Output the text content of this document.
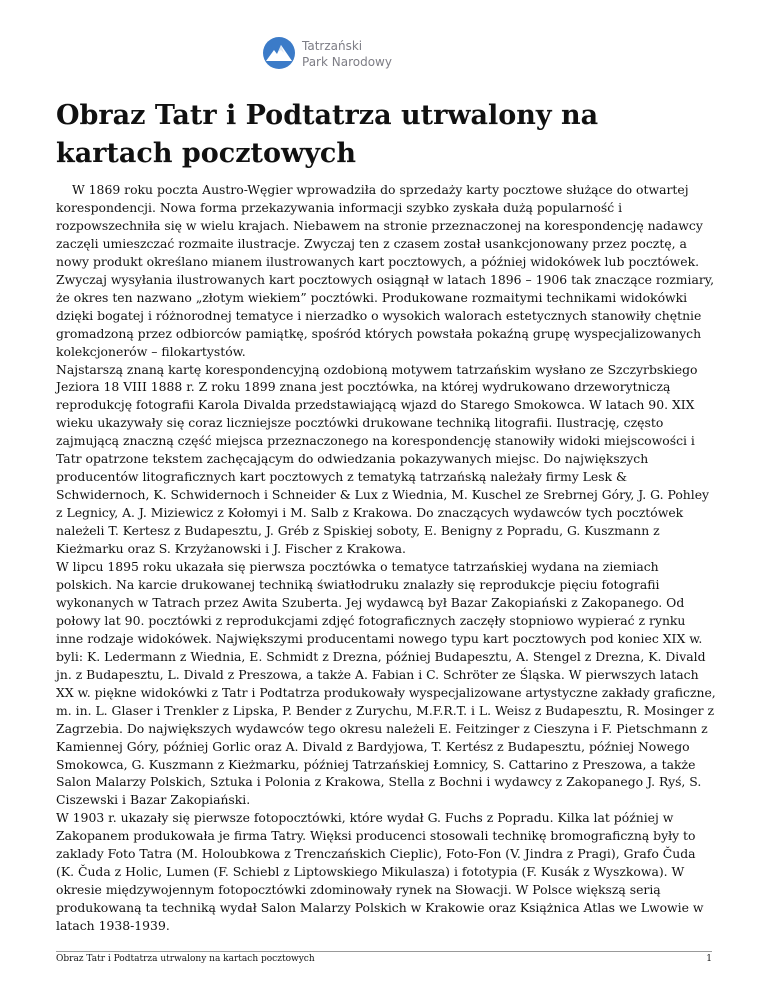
Tatrzański
Park Narodowy
Obraz Tatr i Podtatrza utrwalony na kartach pocztowych

W 1869 roku poczta Austro-Węgier wprowadziła do sprzedaży karty pocztowe służące do otwartej korespondencji. Nowa forma przekazywania informacji szybko zyskała dużą popularność i rozpowszechniła się w wielu krajach. Niebawem na stronie przeznaczonej na korespondencję nadawcy zaczęli umieszczać rozmaite ilustracje. Zwyczaj ten z czasem został usankcjonowany przez pocztę, a nowy produkt określano mianem ilustrowanych kart pocztowych, a później widokówek lub pocztówek.

Zwyczaj wysyłania ilustrowanych kart pocztowych osiągnął w latach 1896 – 1906 tak znaczące rozmiary, że okres ten nazwano „złotym wiekiem” pocztówki. Produkowane rozmaitymi technikami widokówki dzięki bogatej i różnorodnej tematyce i nierzadko o wysokich walorach estetycznych stanowiły chętnie gromadzoną przez odbiorców pamiątkę, spośród których powstała pokaźną grupę wyspecjalizowanych kolekcjonerów – filokartystów.

Najstarszą znaną kartę korespondencyjną ozdobioną motywem tatrzańskim wysłano ze Szczyrbskiego Jeziora 18 VIII 1888 r. Z roku 1899 znana jest pocztówka, na której wydrukowano drzeworytniczą reprodukcję fotografii Karola Divalda przedstawiającą wjazd do Starego Smokowca. W latach 90. XIX wieku ukazywały się coraz liczniejsze pocztówki drukowane techniką litografii. Ilustrację, często zajmującą znaczną część miejsca przeznaczonego na korespondencję stanowiły widoki miejscowości i Tatr opatrzone tekstem zachęcającym do odwiedzania pokazywanych miejsc. Do największych producentów litograficznych kart pocztowych z tematyką tatrzańską należały firmy Lesk & Schwidernoch, K. Schwidernoch i Schneider & Lux z Wiednia, M. Kuschel ze Srebrnej Góry, J. G. Pohley z Legnicy, A. J. Miziewicz z Kołomyi i M. Salb z Krakowa. Do znaczących wydawców tych pocztówek należeli T. Kertesz z Budapesztu, J. Gréb z Spiskiej soboty, E. Benigny z Popradu, G. Kuszmann z Kieżmarku oraz S. Krzyżanowski i J. Fischer z Krakowa.

W lipcu 1895 roku ukazała się pierwsza pocztówka o tematyce tatrzańskiej wydana na ziemiach polskich. Na karcie drukowanej techniką światłodruku znalazły się reprodukcje pięciu fotografii wykonanych w Tatrach przez Awita Szuberta. Jej wydawcą był Bazar Zakopiański z Zakopanego. Od połowy lat 90. pocztówki z reprodukcjami zdjęć fotograficznych zaczęły stopniowo wypierać z rynku inne rodzaje widokówek. Największymi producentami nowego typu kart pocztowych pod koniec XIX w. byli: K. Ledermann z Wiednia, E. Schmidt z Drezna, później Budapesztu, A. Stengel z Drezna, K. Divald jn. z Budapesztu, L. Divald z Preszowa, a także A. Fabian i C. Schröter ze Śląska. W pierwszych latach XX w. piękne widokówki z Tatr i Podtatrza produkowały wyspecjalizowane artystyczne zakłady graficzne, m. in. L. Glaser i Trenkler z Lipska, P. Bender z Zurychu, M.F.R.T. i L. Weisz z Budapesztu, R. Mosinger z Zagrzebia. Do największych wydawców tego okresu należeli E. Feitzinger z Cieszyna i F. Pietschmann z Kamiennej Góry, później Gorlic oraz A. Divald z Bardyjowa, T. Kertész z Budapesztu, później Nowego Smokowca, G. Kuszmann z Kieżmarku, później Tatrzańskiej Łomnicy, S. Cattarino z Preszowa, a także Salon Malarzy Polskich, Sztuka i Polonia z Krakowa, Stella z Bochni i wydawcy z Zakopanego J. Ryś, S. Ciszewski i Bazar Zakopiański.

W 1903 r. ukazały się pierwsze fotopocztówki, które wydał G. Fuchs z Popradu. Kilka lat później w Zakopanem produkowała je firma Tatry. Więksi producenci stosowali technikę bromograficzną były to zaklady Foto Tatra (M. Holoubkowa z Trenczańskich Cieplic), Foto-Fon (V. Jindra z Pragi), Grafo Čuda (K. Čuda z Holic, Lumen (F. Schiebl z Liptowskiego Mikulasza) i fototypia (F. Kusák z Wyszkowa). W okresie międzywojennym fotopocztówki zdominowały rynek na Słowacji. W Polsce większą serią produkowaną ta techniką wydał Salon Malarzy Polskich w Krakowie oraz Książnica Atlas we Lwowie w latach 1938-1939.

Obraz Tatr i Podtatrza utrwalony na kartach pocztowych	1
